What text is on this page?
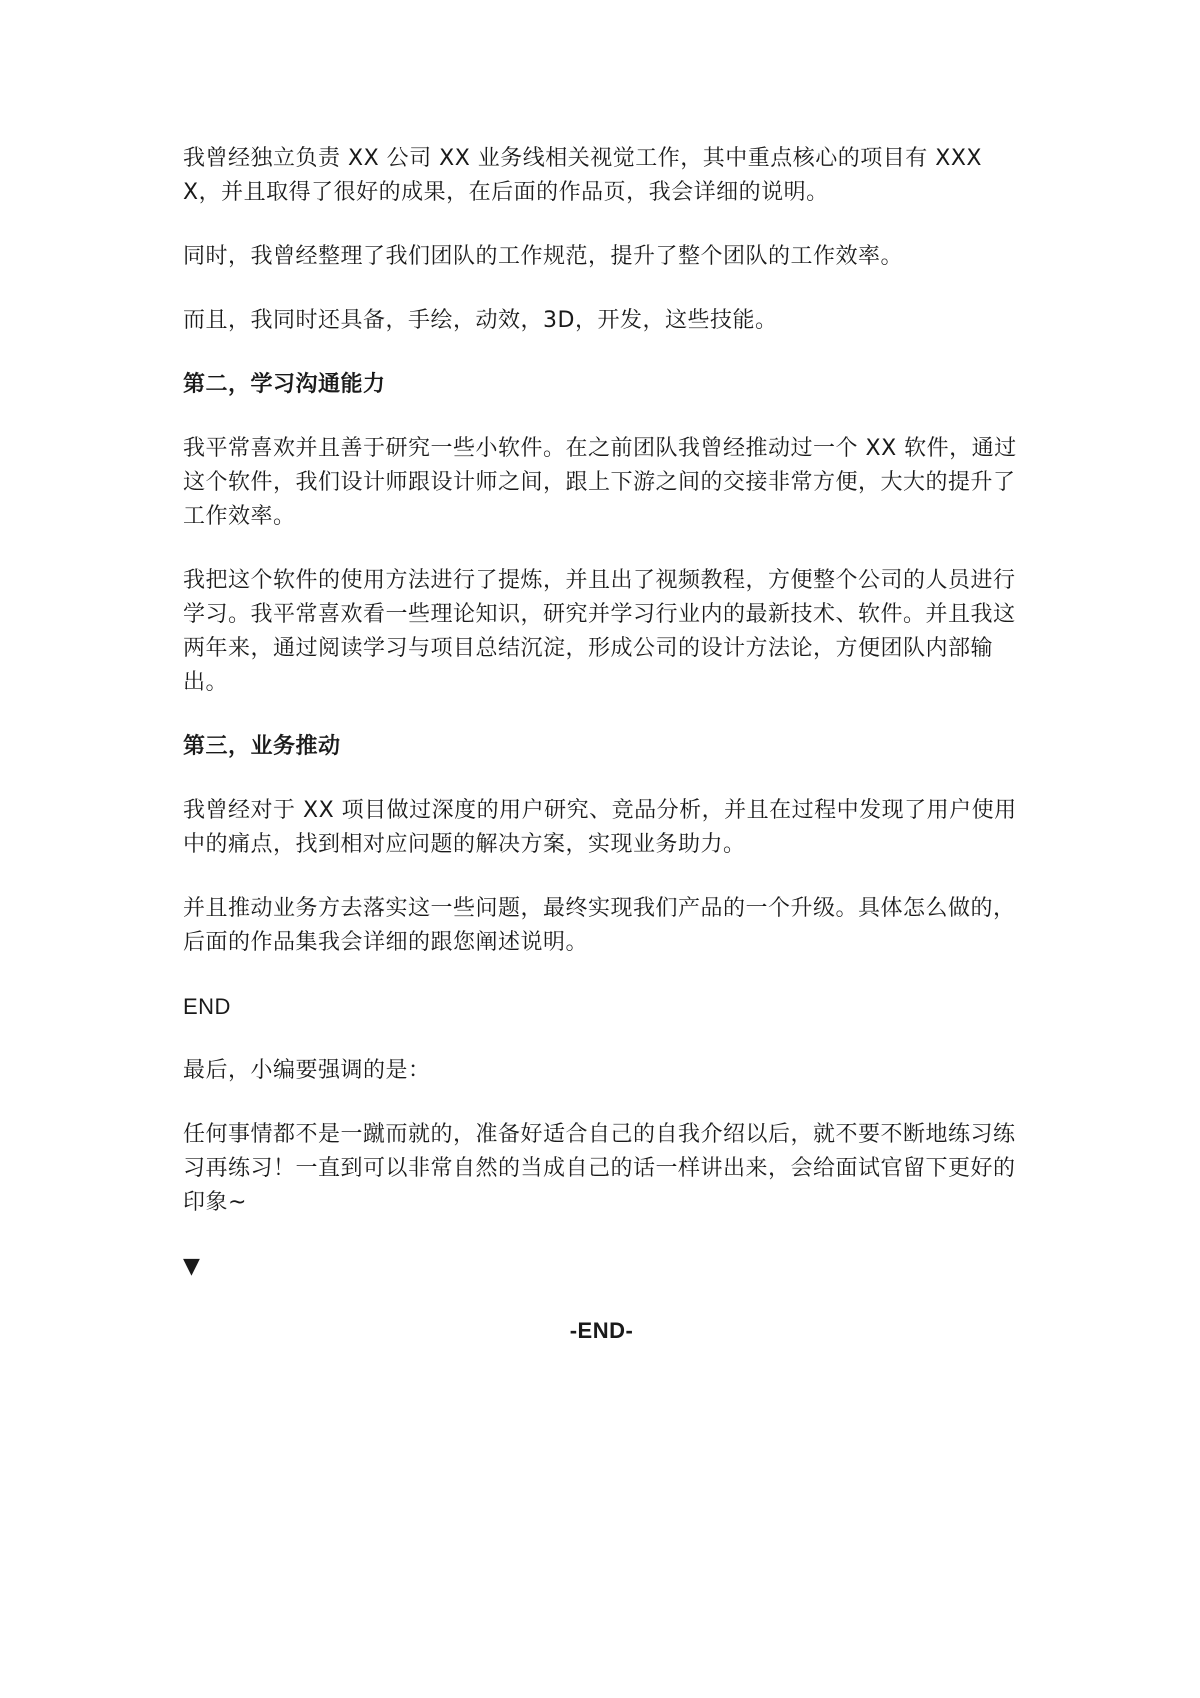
我曾经独立负责 XX 公司 XX 业务线相关视觉工作，其中重点核心的项目有 XXXX，并且取得了很好的成果，在后面的作品页，我会详细的说明。

同时，我曾经整理了我们团队的工作规范，提升了整个团队的工作效率。

而且，我同时还具备，手绘，动效，3D，开发，这些技能。

第二，学习沟通能力

我平常喜欢并且善于研究一些小软件。在之前团队我曾经推动过一个 XX 软件，通过这个软件，我们设计师跟设计师之间，跟上下游之间的交接非常方便，大大的提升了工作效率。

我把这个软件的使用方法进行了提炼，并且出了视频教程，方便整个公司的人员进行学习。我平常喜欢看一些理论知识，研究并学习行业内的最新技术、软件。并且我这两年来，通过阅读学习与项目总结沉淀，形成公司的设计方法论，方便团队内部输出。

第三，业务推动

我曾经对于 XX 项目做过深度的用户研究、竞品分析，并且在过程中发现了用户使用中的痛点，找到相对应问题的解决方案，实现业务助力。

并且推动业务方去落实这一些问题，最终实现我们产品的一个升级。具体怎么做的，后面的作品集我会详细的跟您阐述说明。

END

最后，小编要强调的是：

任何事情都不是一蹴而就的，准备好适合自己的自我介绍以后，就不要不断地练习练习再练习！一直到可以非常自然的当成自己的话一样讲出来，会给面试官留下更好的印象~

▼

-END-
